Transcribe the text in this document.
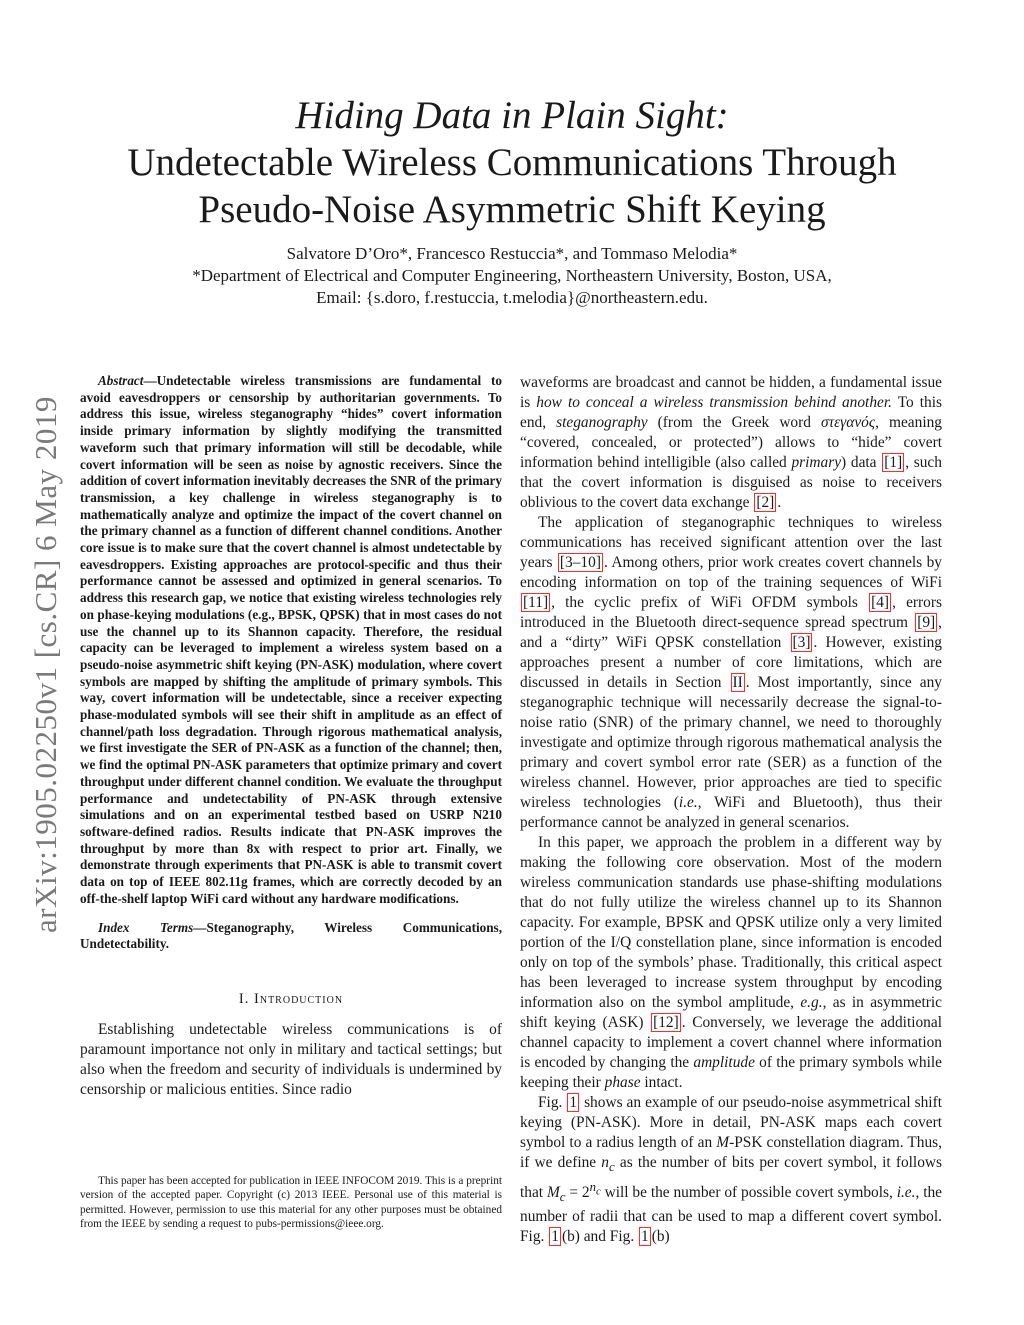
arXiv:1905.02250v1 [cs.CR] 6 May 2019

Hiding Data in Plain Sight:

Undetectable Wireless Communications Through

Pseudo-Noise Asymmetric Shift Keying

Salvatore D’Oro*, Francesco Restuccia*, and Tommaso Melodia*
*Department of Electrical and Computer Engineering, Northeastern University, Boston, USA,
Email: {s.doro, f.restuccia, t.melodia}@northeastern.edu.

Abstract—Undetectable wireless transmissions are fundamental to avoid eavesdroppers or censorship by authoritarian governments. To address this issue, wireless steganography “hides” covert information inside primary information by slightly modifying the transmitted waveform such that primary information will still be decodable, while covert information will be seen as noise by agnostic receivers. Since the addition of covert information inevitably decreases the SNR of the primary transmission, a key challenge in wireless steganography is to mathematically analyze and optimize the impact of the covert channel on the primary channel as a function of different channel conditions. Another core issue is to make sure that the covert channel is almost undetectable by eavesdroppers. Existing approaches are protocol-specific and thus their performance cannot be assessed and optimized in general scenarios. To address this research gap, we notice that existing wireless technologies rely on phase-keying modulations (e.g., BPSK, QPSK) that in most cases do not use the channel up to its Shannon capacity. Therefore, the residual capacity can be leveraged to implement a wireless system based on a pseudo-noise asymmetric shift keying (PN-ASK) modulation, where covert symbols are mapped by shifting the amplitude of primary symbols. This way, covert information will be undetectable, since a receiver expecting phase-modulated symbols will see their shift in amplitude as an effect of channel/path loss degradation. Through rigorous mathematical analysis, we first investigate the SER of PN-ASK as a function of the channel; then, we find the optimal PN-ASK parameters that optimize primary and covert throughput under different channel condition. We evaluate the throughput performance and undetectability of PN-ASK through extensive simulations and on an experimental testbed based on USRP N210 software-defined radios. Results indicate that PN-ASK improves the throughput by more than 8x with respect to prior art. Finally, we demonstrate through experiments that PN-ASK is able to transmit covert data on top of IEEE 802.11g frames, which are correctly decoded by an off-the-shelf laptop WiFi card without any hardware modifications.

Index Terms—Steganography, Wireless Communications, Undetectability.

I. Introduction

Establishing undetectable wireless communications is of paramount importance not only in military and tactical settings; but also when the freedom and security of individuals is undermined by censorship or malicious entities. Since radio

This paper has been accepted for publication in IEEE INFOCOM 2019. This is a preprint version of the accepted paper. Copyright (c) 2013 IEEE. Personal use of this material is permitted. However, permission to use this material for any other purposes must be obtained from the IEEE by sending a request to pubs-permissions@ieee.org.

waveforms are broadcast and cannot be hidden, a fundamental issue is how to conceal a wireless transmission behind another. To this end, steganography (from the Greek word στεγανός, meaning “covered, concealed, or protected”) allows to “hide” covert information behind intelligible (also called primary) data [1] , such that the covert information is disguised as noise to receivers oblivious to the covert data exchange [2] .

The application of steganographic techniques to wireless communications has received significant attention over the last years [3–10] . Among others, prior work creates covert channels by encoding information on top of the training sequences of WiFi [11] , the cyclic prefix of WiFi OFDM symbols [4] , errors introduced in the Bluetooth direct-sequence spread spectrum [9] , and a “dirty” WiFi QPSK constellation [3] . However, existing approaches present a number of core limitations, which are discussed in details in Section II . Most importantly, since any steganographic technique will necessarily decrease the signal-to-noise ratio (SNR) of the primary channel, we need to thoroughly investigate and optimize through rigorous mathematical analysis the primary and covert symbol error rate (SER) as a function of the wireless channel. However, prior approaches are tied to specific wireless technologies (i.e., WiFi and Bluetooth), thus their performance cannot be analyzed in general scenarios.

In this paper, we approach the problem in a different way by making the following core observation. Most of the modern wireless communication standards use phase-shifting modulations that do not fully utilize the wireless channel up to its Shannon capacity. For example, BPSK and QPSK utilize only a very limited portion of the I/Q constellation plane, since information is encoded only on top of the symbols’ phase. Traditionally, this critical aspect has been leveraged to increase system throughput by encoding information also on the symbol amplitude, e.g., as in asymmetric shift keying (ASK) [12] . Conversely, we leverage the additional channel capacity to implement a covert channel where information is encoded by changing the amplitude of the primary symbols while keeping their phase intact.

Fig. 1 shows an example of our pseudo-noise asymmetrical shift keying (PN-ASK). More in detail, PN-ASK maps each covert symbol to a radius length of an M-PSK constellation diagram. Thus, if we define $n_c$ as the number of bits per covert symbol, it follows that $M_c = 2^{n_c}$ will be the number of possible covert symbols, i.e., the number of radii that can be used to map a different covert symbol. Fig. 1 (b) and Fig. 1 (b)
